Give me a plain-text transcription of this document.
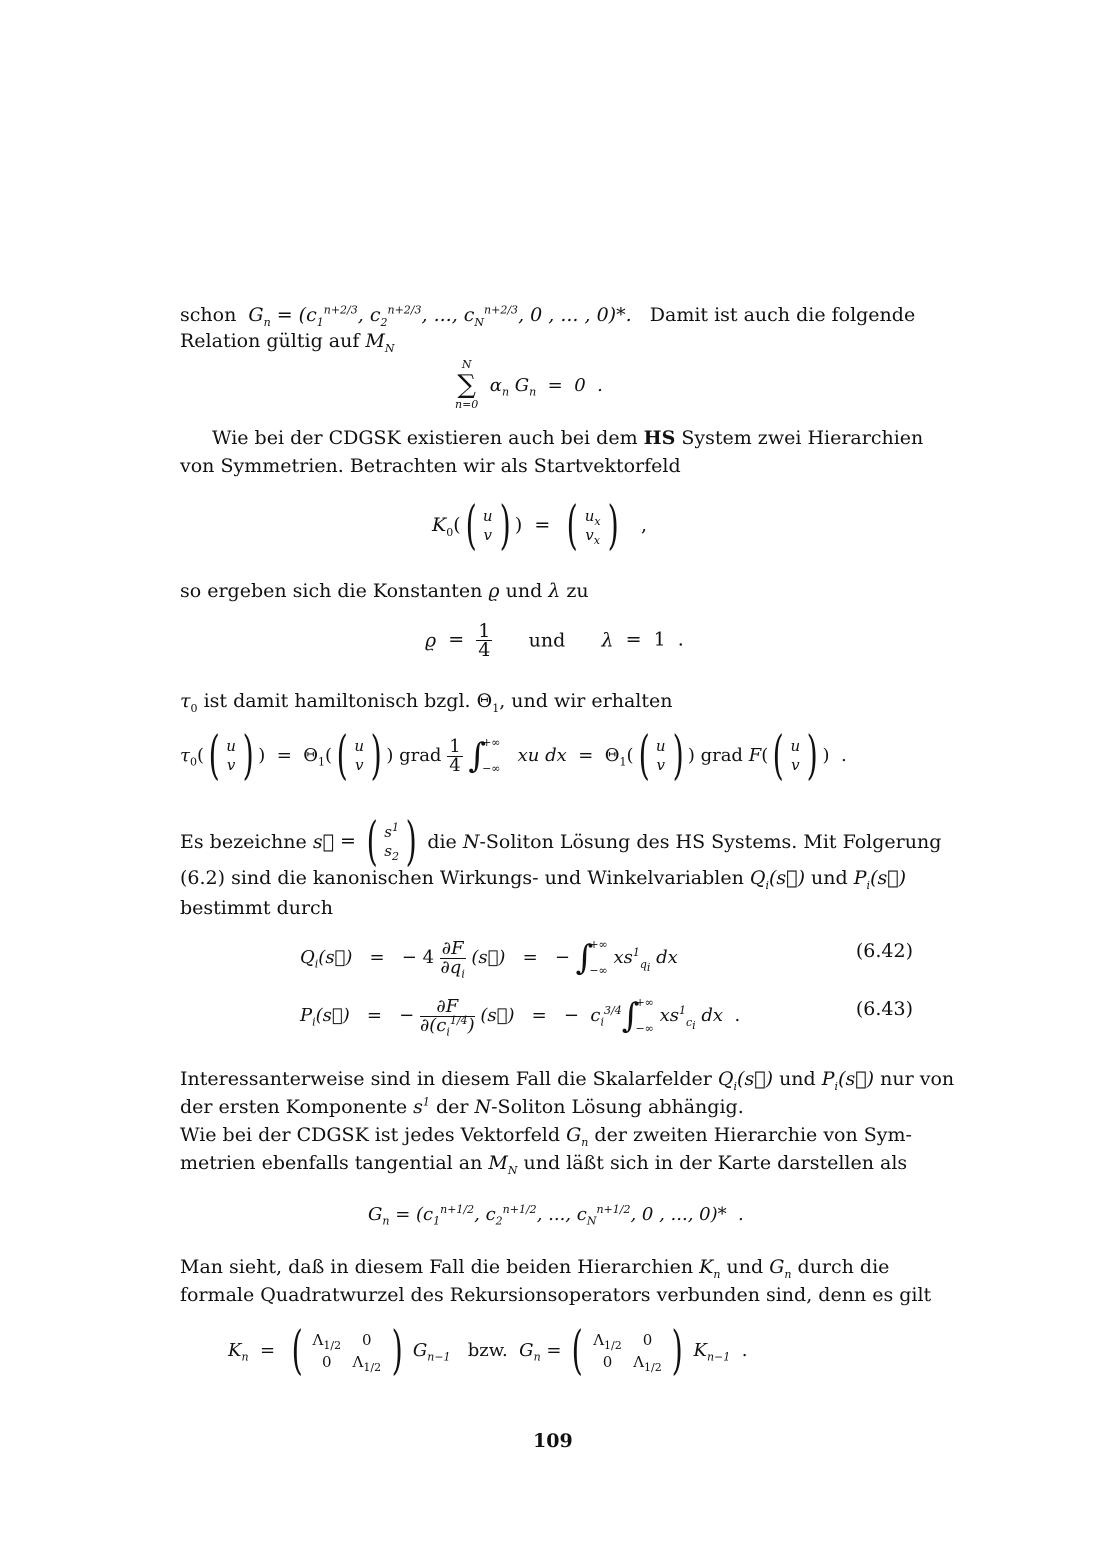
schon  $G_n = (c_1^{n+2/3}$, $c_2^{n+2/3}$, ..., $c_N^{n+2/3}$, 0 , ... , 0)*.   Damit ist auch die folgende
Relation gültig auf $M_N$
N
∑
n=0
$\alpha_n$ $G_n = 0$  .
Wie bei der CDGSK existieren auch bei dem HS System zwei Hierarchien
von Symmetrien. Betrachten wir als Startvektorfeld
$K_0$(( u
v ) )  =  ( $u_x$
$v_x$ )   ,
so ergeben sich die Konstanten ϱ und λ zu
$ϱ = \frac{1}{4}$ und λ  =  1  .
$\tau_0$ ist damit hamiltonisch bzgl. $\Theta_1$, und wir erhalten
$\tau_0$(( u
v ) )  =  $\Theta_1$(( u
v ) ) grad $\frac{1}{4}$ ∫+∞
−∞   xu dx  =  $\Theta_1$(( u
v ) ) grad F(( u
v ) )  .
Es bezeichne s⃗ = ( $s^1$
$s_2$ ) die N-Soliton Lösung des HS Systems. Mit Folgerung
(6.2) sind die kanonischen Wirkungs- und Winkelvariablen $Q_i(s⃗)$ und $P_i(s⃗)$
bestimmt durch
$Q_i(s⃗)$   =   − $4 \frac{\partial F}{\partial q_i}$ (s⃗)   =   − ∫+∞
−∞ $xs^1_{q_i}$ dx	(6.42)
$P_i(s⃗)$   =   − $\frac{\partial F}{\partial(c_i^{1/4})}$ (s⃗)   =   −  $c_i^{3/4}\int+\infty$
−∞ $xs^1_{c_i}$ dx  .	(6.43)
Interessanterweise sind in diesem Fall die Skalarfelder $Q_i(s⃗)$ und $P_i(s⃗)$ nur von
der ersten Komponente $s^1$ der N-Soliton Lösung abhängig.
Wie bei der CDGSK ist jedes Vektorfeld $G_n$ der zweiten Hierarchie von Sym-
metrien ebenfalls tangential an $M_N$ und läßt sich in der Karte darstellen als
$G_n = (c_1^{n+1/2}$, $c_2^{n+1/2}$, ..., $c_N^{n+1/2}$, 0 , ..., 0)*  .
Man sieht, daß in diesem Fall die beiden Hierarchien $K_n$ und $G_n$ durch die
formale Quadratwurzel des Rekursionsoperators verbunden sind, denn es gilt
$K_n$  =  ( $\Lambda_{1/2}$ 0
0 $\Lambda_{1/2}$ ) $G_{n-1}$ bzw. $G_n$ = ( $\Lambda_{1/2}$ 0
0 $\Lambda_{1/2}$ ) $K_{n-1}$  .
109
